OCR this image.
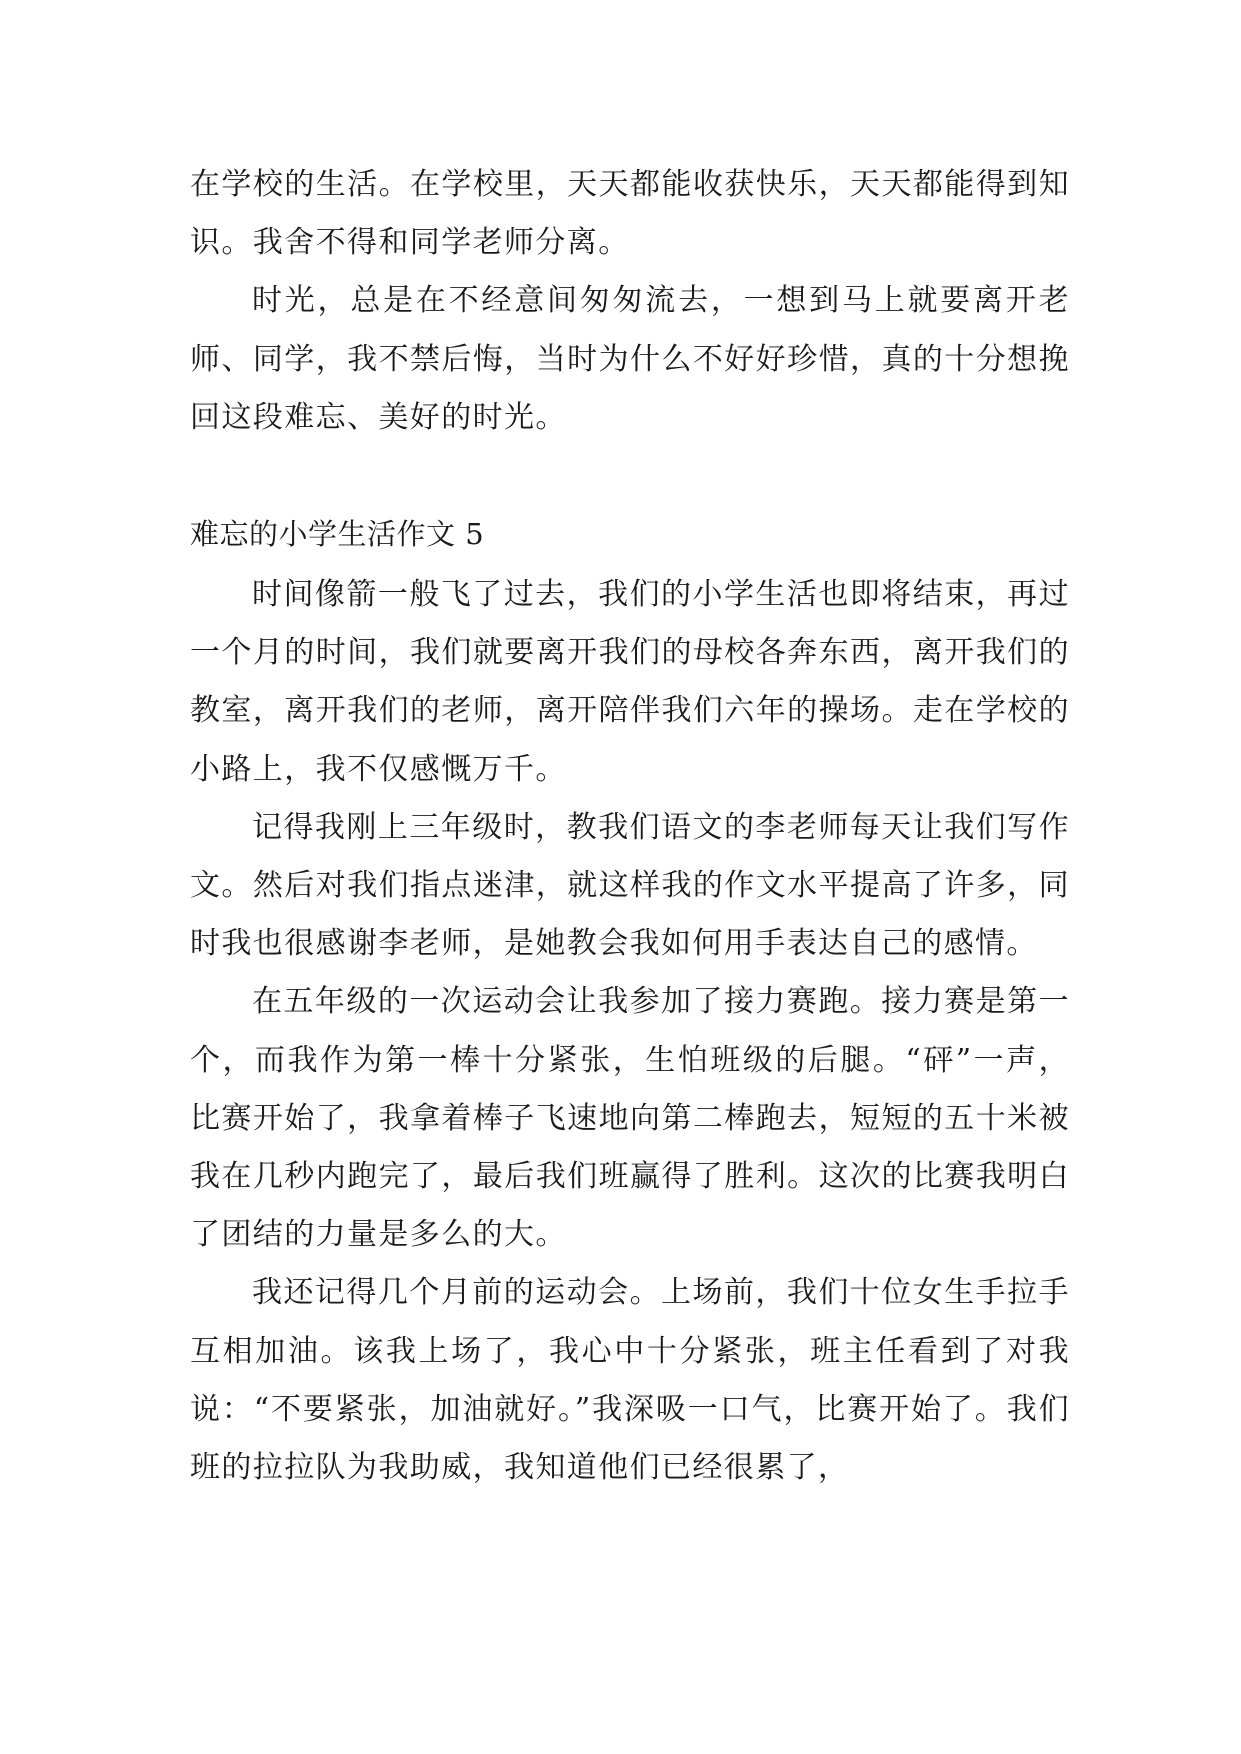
在学校的生活。在学校里，天天都能收获快乐，天天都能得到知识。我舍不得和同学老师分离。

时光，总是在不经意间匆匆流去，一想到马上就要离开老师、同学，我不禁后悔，当时为什么不好好珍惜，真的十分想挽回这段难忘、美好的时光。

难忘的小学生活作文 5

时间像箭一般飞了过去，我们的小学生活也即将结束，再过一个月的时间，我们就要离开我们的母校各奔东西，离开我们的教室，离开我们的老师，离开陪伴我们六年的操场。走在学校的小路上，我不仅感慨万千。

记得我刚上三年级时，教我们语文的李老师每天让我们写作文。然后对我们指点迷津，就这样我的作文水平提高了许多，同时我也很感谢李老师，是她教会我如何用手表达自己的感情。

在五年级的一次运动会让我参加了接力赛跑。接力赛是第一个，而我作为第一棒十分紧张，生怕班级的后腿。“砰”一声，比赛开始了，我拿着棒子飞速地向第二棒跑去，短短的五十米被我在几秒内跑完了，最后我们班赢得了胜利。这次的比赛我明白了团结的力量是多么的大。

我还记得几个月前的运动会。上场前，我们十位女生手拉手互相加油。该我上场了，我心中十分紧张，班主任看到了对我说：“不要紧张，加油就好。”我深吸一口气，比赛开始了。我们班的拉拉队为我助威，我知道他们已经很累了，
